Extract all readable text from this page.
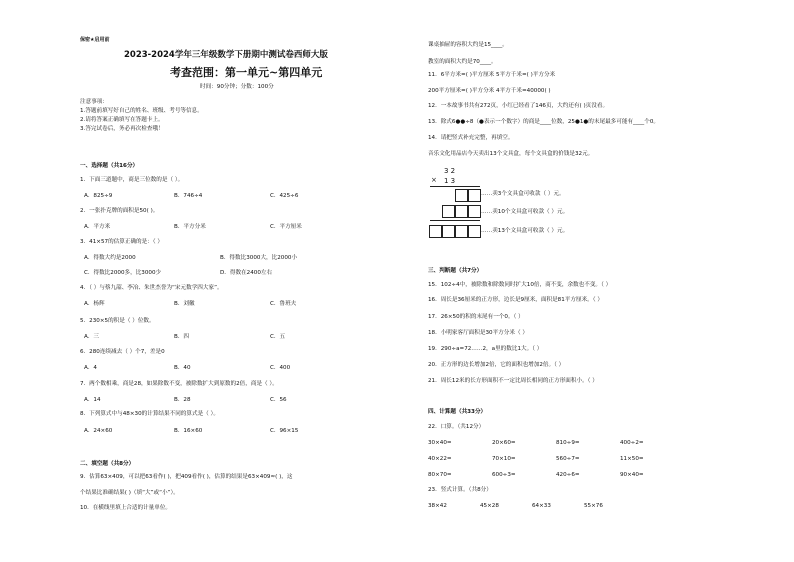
保密★启用前
2023-2024学年三年级数学下册期中测试卷西师大版
考查范围：第一单元~第四单元
时间：90分钟；分数：100分
注意事项：
1.答题前填写好自己的姓名、班级、考号等信息。
2.请将答案正确填写在答题卡上。
3.答完试卷后，务必再次检查哦！
一、选择题（共16分）
1．下面三道题中，商是三位数的是（ ）。
A．825÷9	B．746÷4	C．425÷6
2．一张扑克牌的面积是50( )。
A．平方米	B．平方分米	C．平方厘米
3．41×57的估算正确的是：（ ）
A．得数大约是2000	B．得数比3000大，比2000小
C．得数比2000多，比3000少	D．得数在2400左右
4．（ ）与蔡九韶、李冶、朱世杰誉为“宋元数学四大家”。
A．杨辉	B．刘徽	C．鲁班夫
5．230×5的积是（ ）位数。
A．三	B．四	C．五
6．280连续减去（ ）个7，差是0
A．4	B．40	C．400
7．两个数相乘，商是28，如果除数不变，被除数扩大到原数的2倍，商是（ ）。
A．14	B．28	C．56
8．下列算式中与48×30的计算结果不同的算式是（ ）。
A．24×60	B．16×60	C．96×15
二、填空题（共8分）
9．估算63×409，可以把63看作( )，把409看作( )，估算的结果是63×409≈( )，这
个结果比准确结果( )（填“大”或“小”）。
10．在横线里填上合适的计量单位。
课桌抽屉的容积大约是15____。
教室的面积大约是70____。
11．6平方米=( )平方厘米 5平方千米=( )平方分米
200平方厘米=( )平方分米 4平方千米=40000( )
12．一本故事书共有272页，小红已经看了146页，大约还有( )页没看。
13．除式6●●÷8（●表示一个数字）的商是____位数，25●1●的末尾最多可能有____个0。
14．请把竖式补充完整，再填空。
音乐文化用品店今天卖出13个文具盒，每个文具盒的价钱是32元。
3 2
× 1 3
……卖3个文具盒可收款（ ）元。
……卖10个文具盒可收款（ ）元。
……卖13个文具盒可收款（ ）元。
三、判断题（共7分）
15．102÷4中，被除数和除数同时扩大10倍，商不变，余数也不变。（ ）
16．周长是36厘米的正方形，边长是9厘米，面积是81平方厘米。（ ）
17．26×50的积的末尾有一个0。（ ）
18．小明家客厅面积是30平方分米（ ）
19．290÷a=72……2，a里的数比1大。（ ）
20．正方形的边长增加2倍，它的面积也增加2倍。（ ）
21．周长12米的长方形面积不一定比周长相同的正方形面积小。（ ）
四、计算题（共33分）
22．口算。（共12分）
30×40=	20×60=	810÷9=	400÷2=
40×22=	70×10=	560÷7=	11×50=
80×70=	600÷3=	420÷6=	90×40=
23．竖式计算。（共8分）
38×42	45×28	64×33	55×76
